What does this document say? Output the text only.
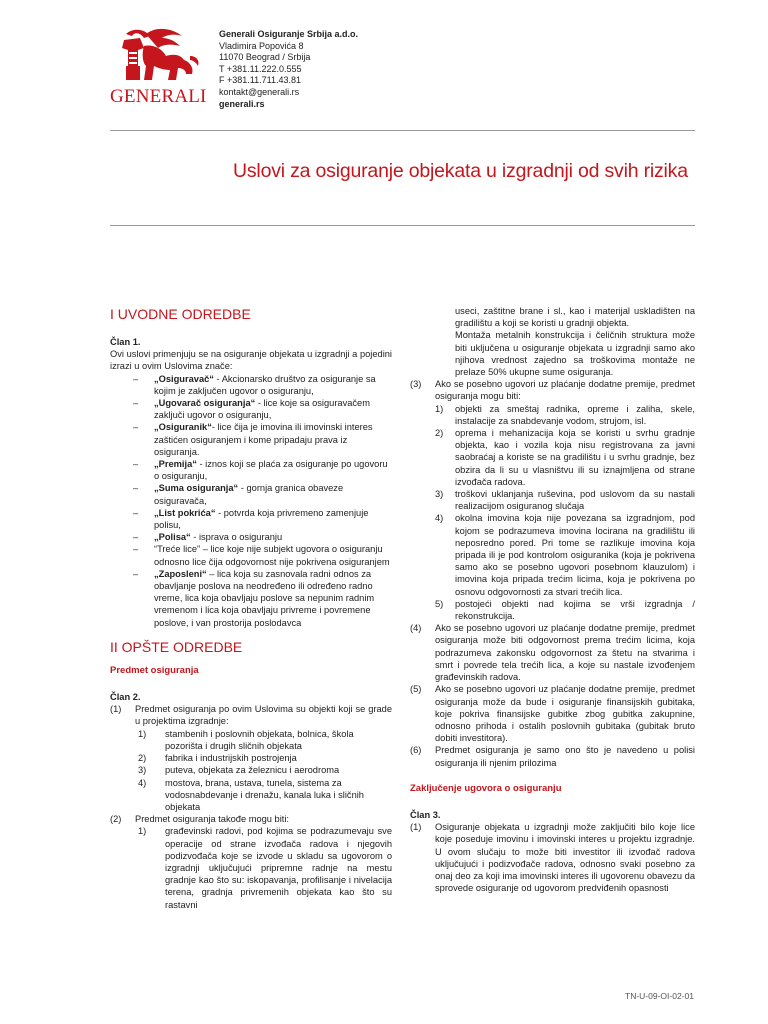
GENERALI
Generali Osiguranje Srbija a.d.o.
Vladimira Popovića 8
11070 Beograd / Srbija
T +381.11.222.0.555
F +381.11.711.43.81
kontakt@generali.rs
generali.rs
Uslovi za osiguranje objekata u izgradnji od svih rizika
I UVODNE ODREDBE
Član 1.

Ovi uslovi primenjuju se na osiguranje objekata u izgradnji a pojedini izrazi u ovim Uslovima znače:

– „Osiguravač“ - Akcionarsko društvo za osiguranje sa kojim je zaključen ugovor o osiguranju,
– „Ugovarač osiguranja“ - lice koje sa osiguravačem zaključi ugovor o osiguranju,
– „Osiguranik“- lice čija je imovina ili imovinski interes zaštićen osiguranjem i kome pripadaju prava iz osiguranja.
– „Premija“ - iznos koji se plaća za osiguranje po ugovoru o osiguranju,
– „Suma osiguranja“ - gornja granica obaveze osiguravača,
– „List pokrića“ - potvrda koja privremeno zamenjuje polisu,
– „Polisa“ - isprava o osiguranju
– “Treće lice” – lice koje nije subjekt ugovora o osiguranju odnosno lice čija odgovornost nije pokrivena osiguranjem
– „Zaposleni“ – lica koja su zasnovala radni odnos za obavljanje poslova na neodređeno ili određeno radno vreme, lica koja obavljaju poslove sa nepunim radnim vremenom i lica koja obavljaju privreme i povremene poslove, i van prostorija poslodavca
II OPŠTE ODREDBE
Predmet osiguranja
Član 2.
(1) Predmet osiguranja po ovim Uslovima su objekti koji se grade u projektima izgradnje:
1) stambenih i poslovnih objekata, bolnica, škola pozorišta i drugih sličnih objekata
2) fabrika i industrijskih postrojenja
3) puteva, objekata za železnicu i aerodroma
4) mostova, brana, ustava, tunela, sistema za vodosnabdevanje i drenažu, kanala luka i sličnih objekata
(2) Predmet osiguranja takođe mogu biti:
1) građevinski radovi, pod kojima se podrazumevaju sve operacije od strane izvođača radova i njegovih podizvođača koje se izvode u skladu sa ugovorom o izgradnji uključujući pripremne radnje na mestu gradnje kao što su: iskopavanja, profilisanje i nivelacija terena, gradnja privremenih objekata kao što su rastavni
useci, zaštitne brane i sl., kao i materijal uskladišten na gradilištu a koji se koristi u gradnji objekta.
Montaža metalnih konstrukcija i čeličnih struktura može biti uključena u osiguranje objekata u izgradnji samo ako njihova vrednost zajedno sa troškovima montaže ne prelaze 50% ukupne sume osiguranja.
(3) Ako se posebno ugovori uz plaćanje dodatne premije, predmet osiguranja mogu biti:
1) objekti za smeštaj radnika, opreme i zaliha, skele, instalacije za snabdevanje vodom, strujom, isl.
2) oprema i mehanizacija koja se koristi u svrhu gradnje objekta, kao i vozila koja nisu registrovana za javni saobraćaj a koriste se na gradilištu i u svrhu gradnje, bez obzira da li su u vlasništvu ili su iznajmljena od strane izvođača radova.
3) troškovi uklanjanja ruševina, pod uslovom da su nastali realizacijom osiguranog slučaja
4) okolna imovina koja nije povezana sa izgradnjom, pod kojom se podrazumeva imovina locirana na gradilištu ili neposredno pored. Pri tome se razlikuje imovina koja pripada ili je pod kontrolom osiguranika (koja je pokrivena samo ako se posebno ugovori posebnom klauzulom) i imovina koja pripada trećim licima, koja je pokrivena po osnovu odgovornosti za stvari trećih lica.
5) postojeći objekti nad kojima se vrši izgradnja / rekonstrukcija.
(4) Ako se posebno ugovori uz plaćanje dodatne premije, predmet osiguranja može biti odgovornost prema trećim licima, koja podrazumeva zakonsku odgovornost za štetu na stvarima i smrt i povrede tela trećih lica, a koje su nastale izvođenjem građevinskih radova.
(5) Ako se posebno ugovori uz plaćanje dodatne premije, predmet osiguranja može da bude i osiguranje finansijskih gubitaka, koje pokriva finansijske gubitke zbog gubitka zakupnine, odnosno prihoda i ostalih poslovnih gubitaka (gubitak bruto dobiti investitora).
(6) Predmet osiguranja je samo ono što je navedeno u polisi osiguranja ili njenim prilozima
Zaključenje ugovora o osiguranju
Član 3.
(1) Osiguranje objekata u izgradnji može zaključiti bilo koje lice koje poseduje imovinu i imovinski interes u projektu izgradnje. U ovom slučaju to može biti investitor ili izvođač radova uključujući i podizvođače radova, odnosno svaki posebno za onaj deo za koji ima imovinski interes ili ugovorenu obavezu da sprovede osiguranje od ugovorom predviđenih opasnosti
TN-U-09-OI-02-01
